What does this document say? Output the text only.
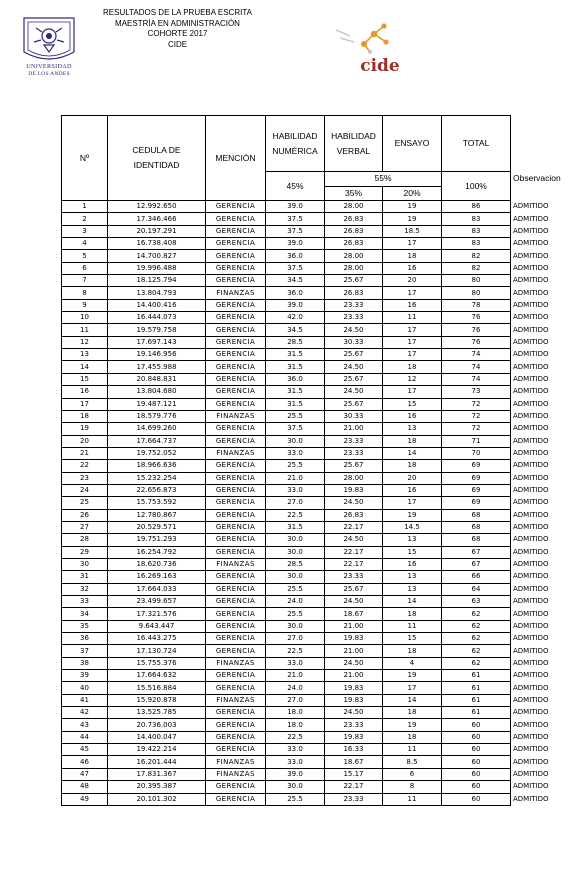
RESULTADOS DE LA PRUEBA ESCRITA
MAESTRÍA EN ADMINISTRACIÓN
COHORTE 2017
CIDE
UNIVERSIDAD
DE LOS ANDES	cide
Nº	CEDULA DE IDENTIDAD	MENCIÓN	HABILIDAD NUMÉRICA	HABILIDAD VERBAL	ENSAYO	TOTAL	Observacion

			45%	55%		100%	
				35%	20%		
1	12.992.650	GERENCIA	39.0	28.00	19	86	ADMITIDO
2	17.346.466	GERENCIA	37.5	26.83	19	83	ADMITIDO
3	20.197.291	GERENCIA	37.5	26.83	18.5	83	ADMITIDO
4	16.738.408	GERENCIA	39.0	26.83	17	83	ADMITIDO
5	14.700.827	GERENCIA	36.0	28.00	18	82	ADMITIDO
6	19.996.488	GERENCIA	37.5	28.00	16	82	ADMITIDO
7	18.125.794	GERENCIA	34.5	25.67	20	80	ADMITIDO
8	13.804.793	FINANZAS	36.0	26.83	17	80	ADMITIDO
9	14.400.416	GERENCIA	39.0	23.33	16	78	ADMITIDO
10	16.444.073	GERENCIA	42.0	23.33	11	76	ADMITIDO
11	19.579.758	GERENCIA	34.5	24.50	17	76	ADMITIDO
12	17.697.143	GERENCIA	28.5	30.33	17	76	ADMITIDO
13	19.146.956	GERENCIA	31.5	25.67	17	74	ADMITIDO
14	17.455.988	GERENCIA	31.5	24.50	18	74	ADMITIDO
15	20.848.831	GERENCIA	36.0	25.67	12	74	ADMITIDO
16	13.804.680	GERENCIA	31.5	24.50	17	73	ADMITIDO
17	19.487.121	GERENCIA	31.5	25.67	15	72	ADMITIDO
18	18.579.776	FINANZAS	25.5	30.33	16	72	ADMITIDO
19	14.699.260	GERENCIA	37.5	21.00	13	72	ADMITIDO
20	17.664.737	GERENCIA	30.0	23.33	18	71	ADMITIDO
21	19.752.052	FINANZAS	33.0	23.33	14	70	ADMITIDO
22	18.966.636	GERENCIA	25.5	25.67	18	69	ADMITIDO
23	15.232.254	GERENCIA	21.0	28.00	20	69	ADMITIDO
24	22.656.873	GERENCIA	33.0	19.83	16	69	ADMITIDO
25	15.753.592	GERENCIA	27.0	24.50	17	69	ADMITIDO
26	12.780.867	GERENCIA	22.5	26.83	19	68	ADMITIDO
27	20.529.571	GERENCIA	31.5	22.17	14.5	68	ADMITIDO
28	19.751.293	GERENCIA	30.0	24.50	13	68	ADMITIDO
29	16.254.792	GERENCIA	30.0	22.17	15	67	ADMITIDO
30	18.620.736	FINANZAS	28.5	22.17	16	67	ADMITIDO
31	16.269.163	GERENCIA	30.0	23.33	13	66	ADMITIDO
32	17.664.033	GERENCIA	25.5	25.67	13	64	ADMITIDO
33	23.499.657	GERENCIA	24.0	24.50	14	63	ADMITIDO
34	17.321.576	GERENCIA	25.5	18.67	18	62	ADMITIDO
35	9.643.447	GERENCIA	30.0	21.00	11	62	ADMITIDO
36	16.443.275	GERENCIA	27.0	19.83	15	62	ADMITIDO
37	17.130.724	GERENCIA	22.5	21.00	18	62	ADMITIDO
38	15.755.376	FINANZAS	33.0	24.50	4	62	ADMITIDO
39	17.664.632	GERENCIA	21.0	21.00	19	61	ADMITIDO
40	15.516.884	GERENCIA	24.0	19.83	17	61	ADMITIDO
41	15.920.878	FINANZAS	27.0	19.83	14	61	ADMITIDO
42	13.525.785	GERENCIA	18.0	24.50	18	61	ADMITIDO
43	20.736.003	GERENCIA	18.0	23.33	19	60	ADMITIDO
44	14.400.047	GERENCIA	22.5	19.83	18	60	ADMITIDO
45	19.422.214	GERENCIA	33.0	16.33	11	60	ADMITIDO
46	16.201.444	FINANZAS	33.0	18.67	8.5	60	ADMITIDO
47	17.831.367	FINANZAS	39.0	15.17	6	60	ADMITIDO
48	20.395.387	GERENCIA	30.0	22.17	8	60	ADMITIDO
49	20.101.302	GERENCIA	25.5	23.33	11	60	ADMITIDO
